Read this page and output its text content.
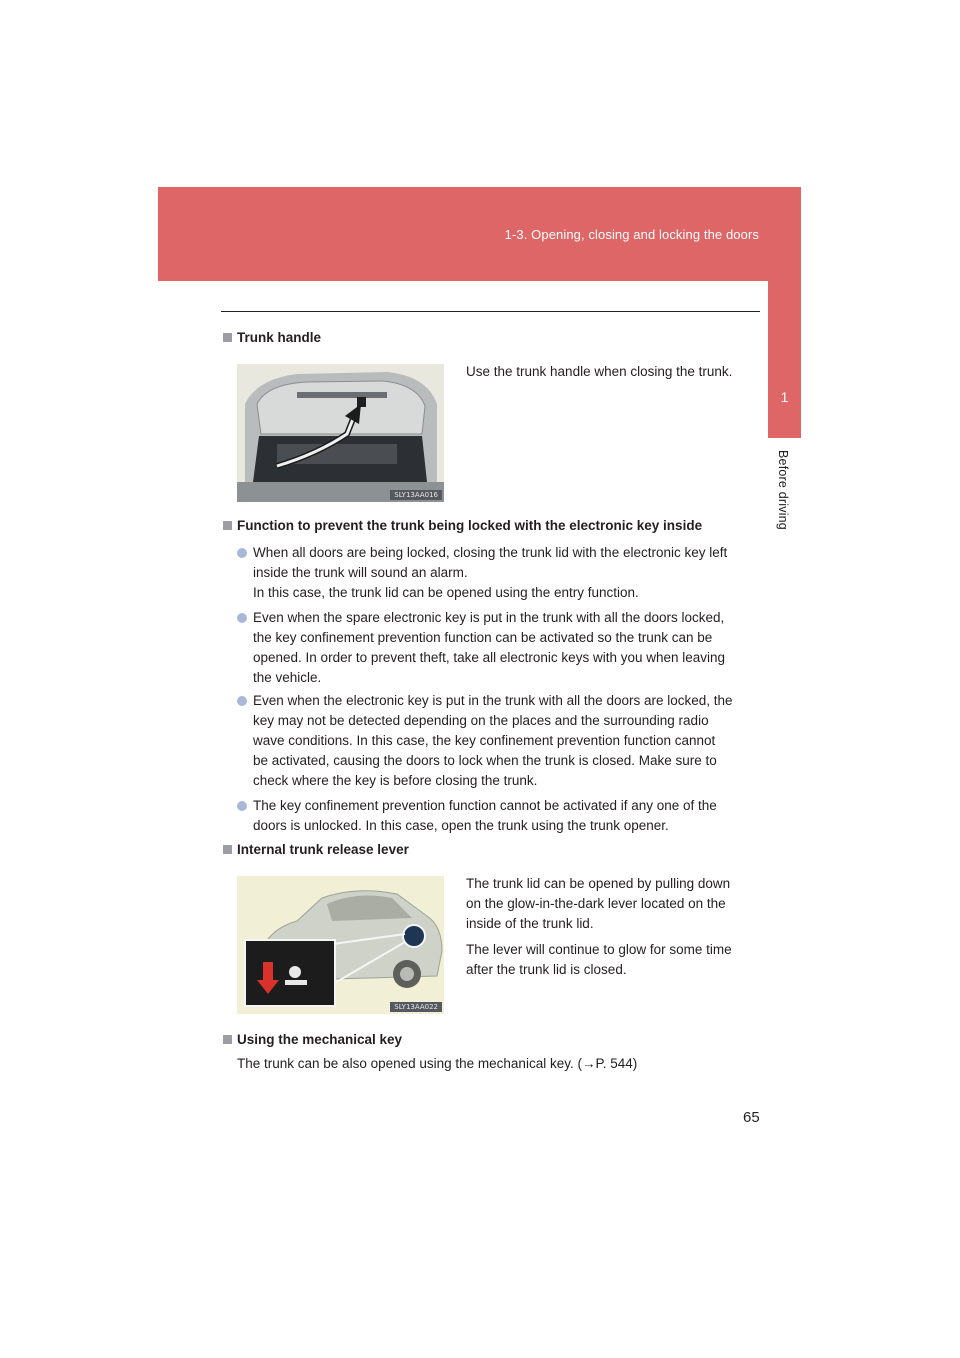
1-3. Opening, closing and locking the doors
1
Before driving
Trunk handle
SLY13AA016
Use the trunk handle when closing the trunk.
Function to prevent the trunk being locked with the electronic key inside
When all doors are being locked, closing the trunk lid with the electronic key left
inside the trunk will sound an alarm.
In this case, the trunk lid can be opened using the entry function.
Even when the spare electronic key is put in the trunk with all the doors locked,
the key confinement prevention function can be activated so the trunk can be
opened. In order to prevent theft, take all electronic keys with you when leaving
the vehicle.
Even when the electronic key is put in the trunk with all the doors are locked, the
key may not be detected depending on the places and the surrounding radio
wave conditions. In this case, the key confinement prevention function cannot
be activated, causing the doors to lock when the trunk is closed. Make sure to
check where the key is before closing the trunk.
The key confinement prevention function cannot be activated if any one of the
doors is unlocked. In this case, open the trunk using the trunk opener.
Internal trunk release lever
SLY13AA022
The trunk lid can be opened by pulling down
on the glow-in-the-dark lever located on the
inside of the trunk lid.
The lever will continue to glow for some time
after the trunk lid is closed.
Using the mechanical key
The trunk can be also opened using the mechanical key. (→P. 544)
65
